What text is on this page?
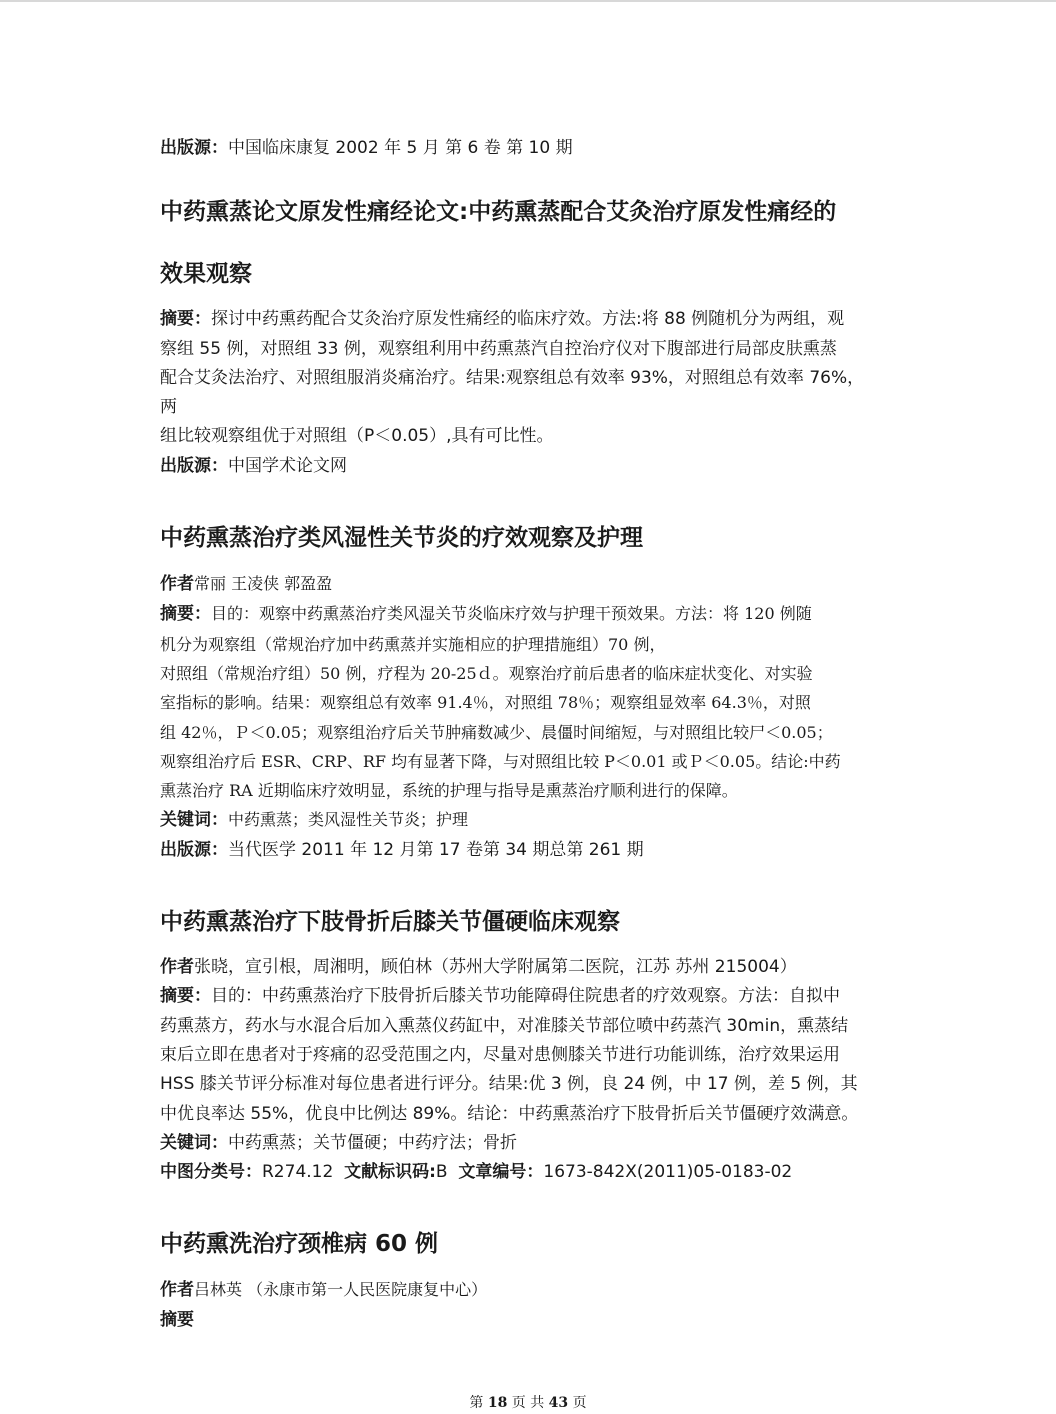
出版源：中国临床康复 2002 年 5 月 第 6 卷 第 10 期
中药熏蒸论文原发性痛经论文:中药熏蒸配合艾灸治疗原发性痛经的
效果观察
摘要：探讨中药熏药配合艾灸治疗原发性痛经的临床疗效。方法:将 88 例随机分为两组，观
察组 55 例，对照组 33 例，观察组利用中药熏蒸汽自控治疗仪对下腹部进行局部皮肤熏蒸
配合艾灸法治疗、对照组服消炎痛治疗。结果:观察组总有效率 93%，对照组总有效率 76%，
两
组比较观察组优于对照组（P＜0.05）,具有可比性。
出版源：中国学术论文网
中药熏蒸治疗类风湿性关节炎的疗效观察及护理
作者常丽 王凌侠 郭盈盈
摘要：目的：观察中药熏蒸治疗类风湿关节炎临床疗效与护理干预效果。方法：将 120 例随
机分为观察组（常规治疗加中药熏蒸并实施相应的护理措施组）70 例，
对照组（常规治疗组）50 例，疗程为 20-25ｄ。观察治疗前后患者的临床症状变化、对实验
室指标的影响。结果：观察组总有效率 91.4％，对照组 78％；观察组显效率 64.3％，对照
组 42％，Ｐ＜0.05；观察组治疗后关节肿痛数减少、晨僵时间缩短，与对照组比较尸＜0.05；
观察组治疗后 ESR、CRP、RF 均有显著下降，与对照组比较 P＜0.01 或Ｐ＜0.05。结论:中药
熏蒸治疗 RA 近期临床疗效明显，系统的护理与指导是熏蒸治疗顺利进行的保障。
关键词：中药熏蒸；类风湿性关节炎；护理
出版源：当代医学 2011 年 12 月第 17 卷第 34 期总第 261 期
中药熏蒸治疗下肢骨折后膝关节僵硬临床观察
作者张晓，宣引根，周湘明，顾伯林（苏州大学附属第二医院，江苏 苏州 215004）
摘要：目的：中药熏蒸治疗下肢骨折后膝关节功能障碍住院患者的疗效观察。方法：自拟中
药熏蒸方，药水与水混合后加入熏蒸仪药缸中，对准膝关节部位喷中药蒸汽 30min，熏蒸结
束后立即在患者对于疼痛的忍受范围之内，尽量对患侧膝关节进行功能训练，治疗效果运用
HSS 膝关节评分标准对每位患者进行评分。结果:优 3 例，良 24 例，中 17 例，差 5 例，其
中优良率达 55%，优良中比例达 89%。结论：中药熏蒸治疗下肢骨折后关节僵硬疗效满意。
关键词：中药熏蒸；关节僵硬；中药疗法；骨折
中图分类号：R274.12 文献标识码:B 文章编号：1673-842X(2011)05-0183-02
中药熏洗治疗颈椎病 60 例
作者吕林英 （永康市第一人民医院康复中心）
摘要
第 18 页 共 43 页
